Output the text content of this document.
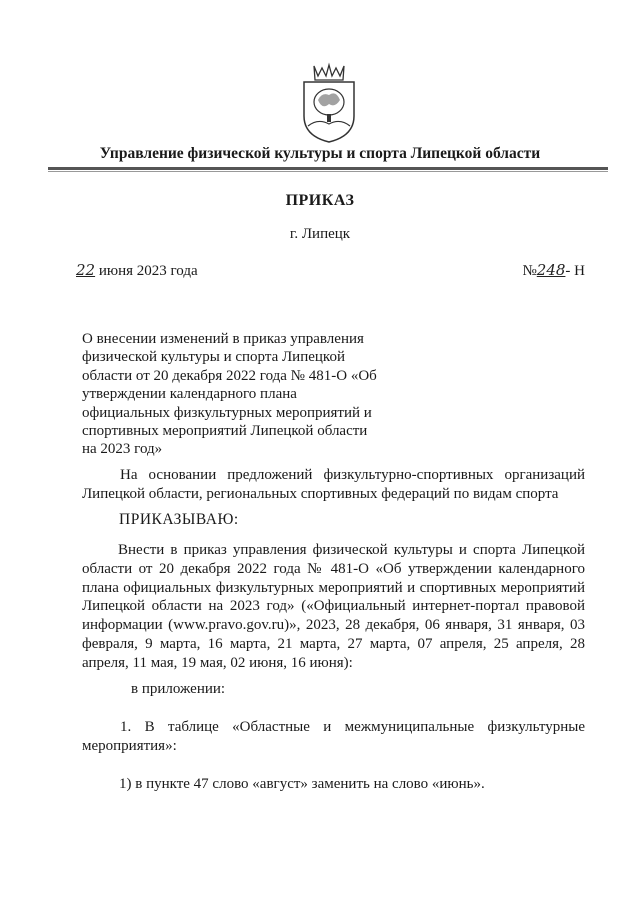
Управление физической культуры и спорта Липецкой области
ПРИКАЗ
г. Липецк
22 июня 2023 года	№248- Н
О внесении изменений в приказ управления физической культуры и спорта Липецкой области от 20 декабря 2022 года № 481-О «Об утверждении календарного плана официальных физкультурных мероприятий и спортивных мероприятий Липецкой области на 2023 год»
На основании предложений физкультурно-спортивных организаций Липецкой области, региональных спортивных федераций по видам спорта
ПРИКАЗЫВАЮ:
Внести в приказ управления физической культуры и спорта Липецкой области от 20 декабря 2022 года № 481-О «Об утверждении календарного плана официальных физкультурных мероприятий и спортивных мероприятий Липецкой области на 2023 год» («Официальный интернет-портал правовой информации (www.pravo.gov.ru)», 2023, 28 декабря, 06 января, 31 января, 03 февраля, 9 марта, 16 марта, 21 марта, 27 марта, 07 апреля, 25 апреля, 28 апреля, 11 мая, 19 мая, 02 июня, 16 июня):
в приложении:
1. В таблице «Областные и межмуниципальные физкультурные мероприятия»:
1) в пункте 47 слово «август» заменить на слово «июнь».
